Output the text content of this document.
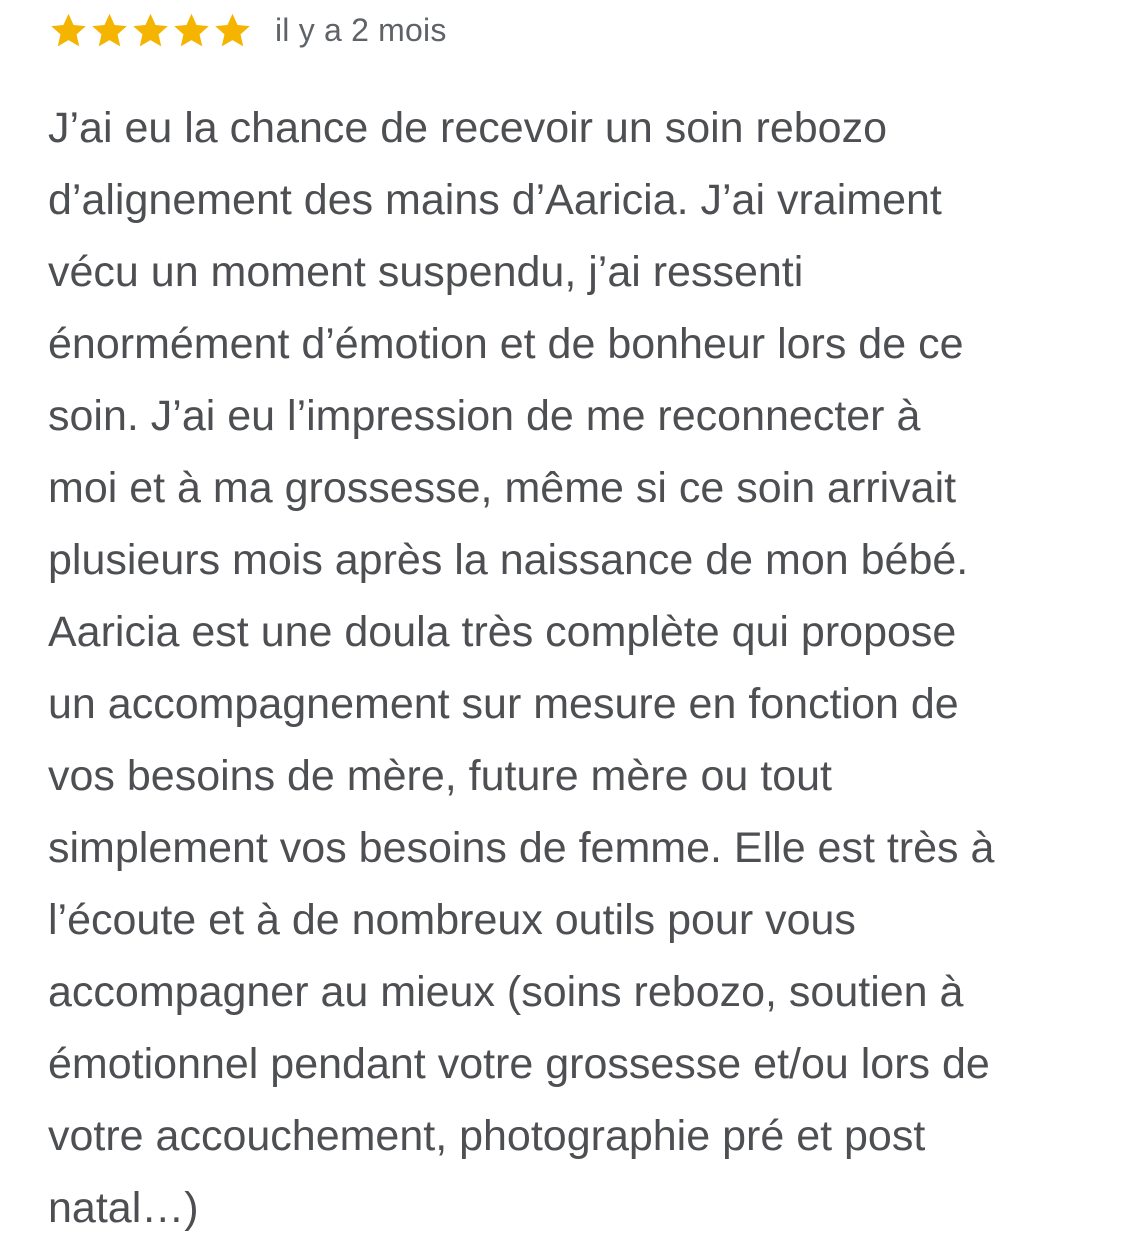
il y a 2 mois
J’ai eu la chance de recevoir un soin rebozo
d’alignement des mains d’Aaricia. J’ai vraiment
vécu un moment suspendu, j’ai ressenti
énormément d’émotion et de bonheur lors de ce
soin. J’ai eu l’impression de me reconnecter à
moi et à ma grossesse, même si ce soin arrivait
plusieurs mois après la naissance de mon bébé.
Aaricia est une doula très complète qui propose
un accompagnement sur mesure en fonction de
vos besoins de mère, future mère ou tout
simplement vos besoins de femme. Elle est très à
l’écoute et à de nombreux outils pour vous
accompagner au mieux (soins rebozo, soutien à
émotionnel pendant votre grossesse et/ou lors de
votre accouchement, photographie pré et post
natal…)
